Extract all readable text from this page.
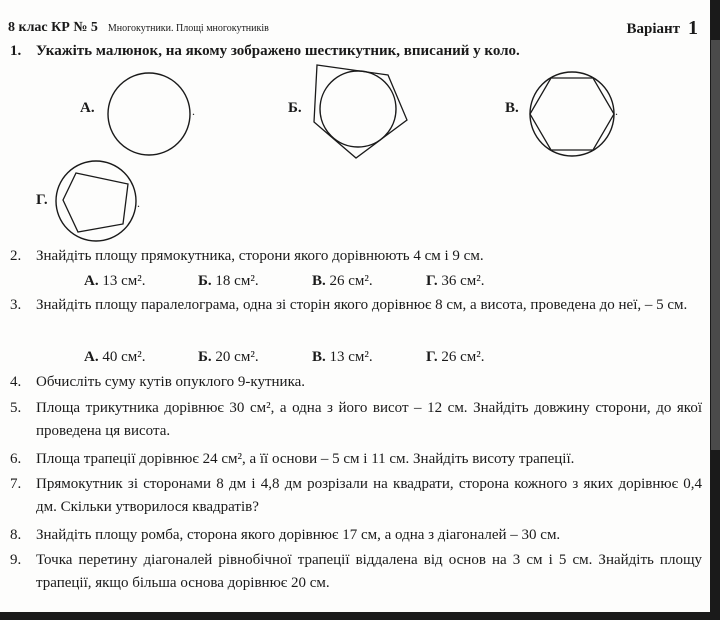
8 клас КР № 5 Многокутники. Площі многокутників	Варіант 1
1. Укажіть малюнок, на якому зображено шестикутник, вписаний у коло.
А.	.	Б.	В.	.
Г.	.
2. Знайдіть площу прямокутника, сторони якого дорівнюють 4 см і 9 см.
А. 13 см².	Б. 18 см².	В. 26 см².	Г. 36 см².
3. Знайдіть площу паралелограма, одна зі сторін якого дорівнює 8 см, а висота, проведена до неї, – 5 см.
А. 40 см².	Б. 20 см².	В. 13 см².	Г. 26 см².
4. Обчисліть суму кутів опуклого 9-кутника.
5. Площа трикутника дорівнює 30 см², а одна з його висот – 12 см. Знайдіть довжину сторони, до якої проведена ця висота.
6. Площа трапеції дорівнює 24 см², а її основи – 5 см і 11 см. Знайдіть висоту трапеції.
7. Прямокутник зі сторонами 8 дм і 4,8 дм розрізали на квадрати, сторона кожного з яких дорівнює 0,4 дм. Скільки утворилося квадратів?
8. Знайдіть площу ромба, сторона якого дорівнює 17 см, а одна з діагоналей – 30 см.
9. Точка перетину діагоналей рівнобічної трапеції віддалена від основ на 3 см і 5 см. Знайдіть площу трапеції, якщо більша основа дорівнює 20 см.
